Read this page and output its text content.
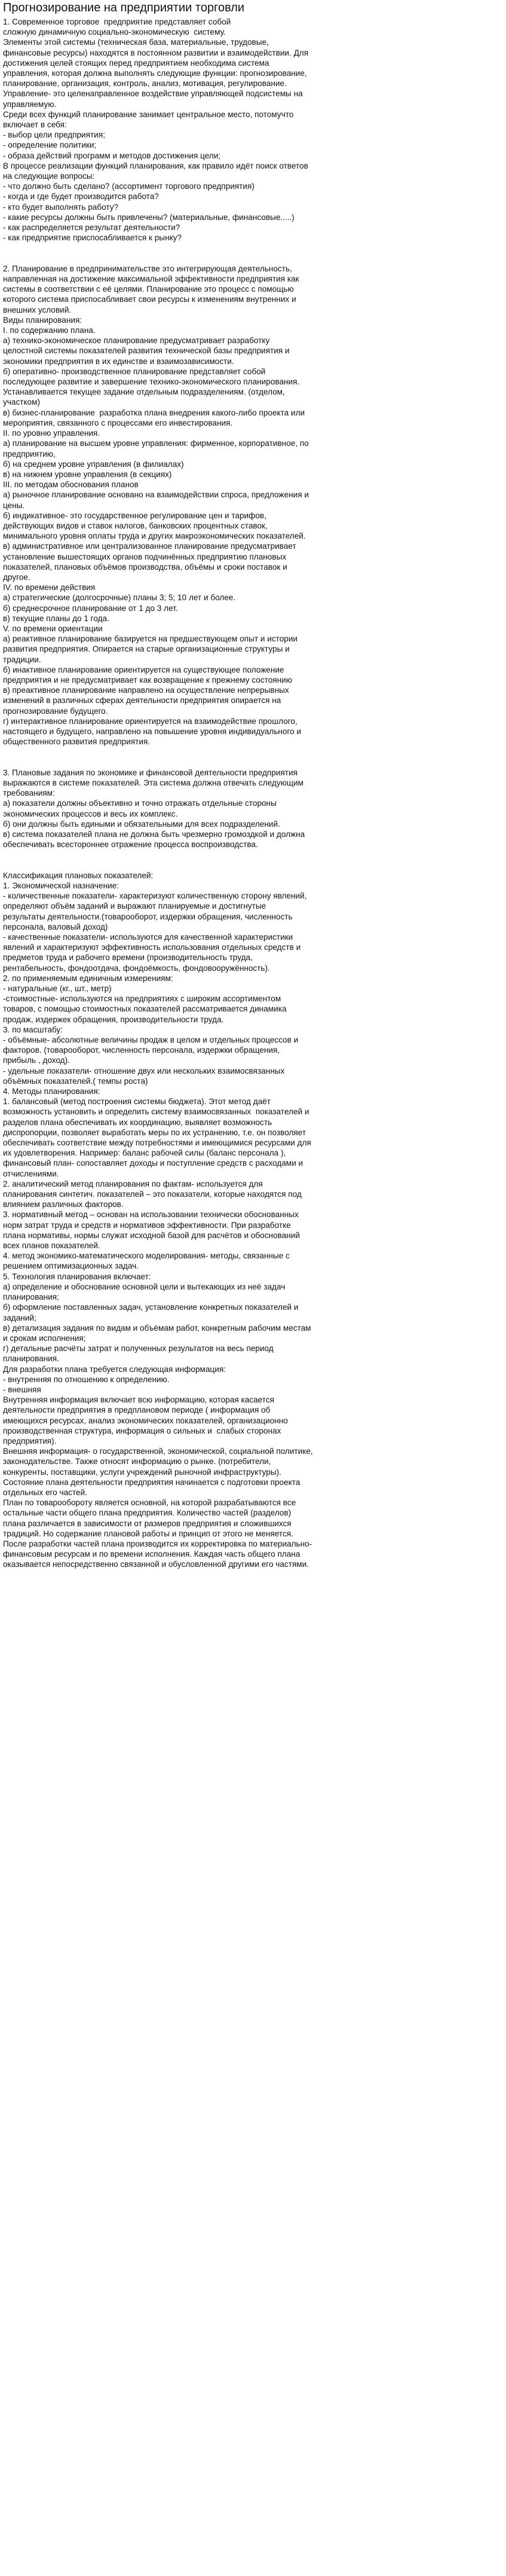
Прогнозирование на предприятии торговли
1. Современное торговое  предприятие представляет собой
сложную динамичную социально-экономическую  систему.
Элементы этой системы (техническая база, материальные, трудовые,
финансовые ресурсы) находятся в постоянном развитии и взаимодействии. Для
достижения целей стоящих перед предприятием необходима система
управления, которая должна выполнять следующие функции: прогнозирование,
планирование, организация, контроль, анализ, мотивация, регулирование.
Управление- это целенаправленное воздействие управляющей подсистемы на
управляемую.
Среди всех функций планирование занимает центральное место, потомучто
включает в себя:
- выбор цели предприятия;
- определение политики;
- образа действий программ и методов достижения цели;
В процессе реализации функций планирования, как правило идёт поиск ответов
на следующие вопросы:
- что должно быть сделано? (ассортимент торгового предприятия)
- когда и где будет производится работа?
- кто будет выполнять работу?
- какие ресурсы должны быть привлечены? (материальные, финансовые.....)
- как распределяется результат деятельности?
- как предприятие приспосабливается к рынку?
2. Планирование в предпринимательстве это интегрирующая деятельность,
направленная на достижение максимальной эффективности предприятия как
системы в соответствии с её целями. Планирование это процесс с помощью
которого система приспосабливает свои ресурсы к изменениям внутренних и
внешних условий.
Виды планирования:
I. по содержанию плана.
а) технико-экономическое планирование предусматривает разработку
целостной системы показателей развития технической базы предприятия и
экономики предприятия в их единстве и взаимозависимости.
б) оперативно- производственное планирование представляет собой
последующее развитие и завершение технико-экономического планирования.
Устанавливается текущее задание отдельным подразделениям. (отделом,
участком)
в) бизнес-планирование  разработка плана внедрения какого-либо проекта или
мероприятия, связанного с процессами его инвестирования.
II. по уровню управления.
а) планирование на высшем уровне управления: фирменное, корпоративное, по
предприятию,
б) на среднем уровне управления (в филиалах)
в) на нижнем уровне управления (в секциях)
III. по методам обоснования планов
а) рыночное планирование основано на взаимодействии спроса, предложения и
цены.
б) индикативное- это государственное регулирование цен и тарифов,
действующих видов и ставок налогов, банковских процентных ставок,
минимального уровня оплаты труда и других макроэкономических показателей.
в) административное или централизованное планирование предусматривает
установление вышестоящих органов подчинённых предприятию плановых
показателей, плановых объёмов производства, объёмы и сроки поставок и
другое.
IV. по времени действия
а) стратегические (долгосрочные) планы 3; 5; 10 лет и более.
б) среднесрочное планирование от 1 до 3 лет.
в) текущие планы до 1 года.
V. по времени ориентации
а) реактивное планирование базируется на предшествующем опыт и истории
развития предприятия. Опирается на старые организационные структуры и
традиции.
б) инактивное планирование ориентируется на существующее положение
предприятия и не предусматривает как возвращение к прежнему состоянию
в) преактивное планирование направлено на осуществление непрерывных
изменений в различных сферах деятельности предприятия опирается на
прогнозирование будущего.
г) интерактивное планирование ориентируется на взаимодействие прошлого,
настоящего и будущего, направлено на повышение уровня индивидуального и
общественного развития предприятия.
3. Плановые задания по экономике и финансовой деятельности предприятия
выражаются в системе показателей. Эта система должна отвечать следующим
требованиям:
а) показатели должны объективно и точно отражать отдельные стороны
экономических процессов и весь их комплекс.
б) они должны быть едиными и обязательными для всех подразделений.
в) система показателей плана не должна быть чрезмерно громоздкой и должна
обеспечивать всестороннее отражение процесса воспроизводства.
Классификация плановых показателей:
1. Экономической назначение:
- количественные показатели- характеризуют количественную сторону явлений,
определяют объём заданий и выражают планируемые и достигнутые
результаты деятельности.(товарооборот, издержки обращения, численность
персонала, валовый доход)
- качественные показатели- используются для качественной характеристики
явлений и характеризуют эффективность использования отдельных средств и
предметов труда и рабочего времени (производительность труда,
рентабельность, фондоотдача, фондоёмкость, фондовооружённость).
2. по применяемым единичным измерениям:
- натуральные (кг., шт., метр)
-стоимостные- используются на предприятиях с широким ассортиментом
товаров, с помощью стоимостных показателей рассматривается динамика
продаж, издержек обращения, производительности труда.
3. по масштабу:
- объёмные- абсолютные величины продаж в целом и отдельных процессов и
факторов. (товарооборот, численность персонала, издержки обращения,
прибыль , доход).
- удельные показатели- отношение двух или нескольких взаимосвязанных
объёмных показателей.( темпы роста)
4. Методы планирования:
1. балансовый (метод построения системы бюджета). Этот метод даёт
возможность установить и определить систему взаимосвязанных  показателей и
разделов плана обеспечивать их координацию, выявляет возможность
диспропорции, позволяет выработать меры по их устранению, т.е. он позволяет
обеспечивать соответствие между потребностями и имеющимися ресурсами для
их удовлетворения. Например: баланс рабочей силы (баланс персонала ),
финансовый план- сопоставляет доходы и поступление средств с расходами и
отчислениями.
2. аналитический метод планирования по фактам- используется для
планирования синтетич. показателей – это показатели, которые находятся под
влиянием различных факторов.
3. нормативный метод – основан на использовании технически обоснованных
норм затрат труда и средств и нормативов эффективности. При разработке
плана нормативы, нормы служат исходной базой для расчётов и обоснований
всех планов показателей.
4. метод экономико-математического моделирования- методы, связанные с
решением оптимизационных задач.
5. Технология планирования включает:
а) определение и обоснование основной цели и вытекающих из неё задач
планирования;
б) оформление поставленных задач, установление конкретных показателей и
заданий;
в) детализация задания по видам и объёмам работ, конкретным рабочим местам
и срокам исполнения;
г) детальные расчёты затрат и полученных результатов на весь период
планирования.
Для разработки плана требуется следующая информация:
- внутренняя по отношению к определению.
- внешняя
Внутренняя информация включает всю информацию, которая касается
деятельности предприятия в предплановом периоде ( информация об
имеющихся ресурсах, анализ экономических показателей, организационно
производственная структура, информация о сильных и  слабых сторонах
предприятия).
Внешняя информация- о государственной, экономической, социальной политике,
законодательстве. Также относят информацию о рынке. (потребители,
конкуренты, поставщики, услуги учреждений рыночной инфраструктуры).
Состояние плана деятельности предприятия начинается с подготовки проекта
отдельных его частей.
План по товарообороту является основной, на которой разрабатываются все
остальные части общего плана предприятия. Количество частей (разделов)
плана различается в зависимости от размеров предприятия и сложившихся
традиций. Но содержание плановой работы и принцип от этого не меняется.
После разработки частей плана производится их корректировка по материально-
финансовым ресурсам и по времени исполнения. Каждая часть общего плана
оказывается непосредственно связанной и обусловленной другими его частями.
